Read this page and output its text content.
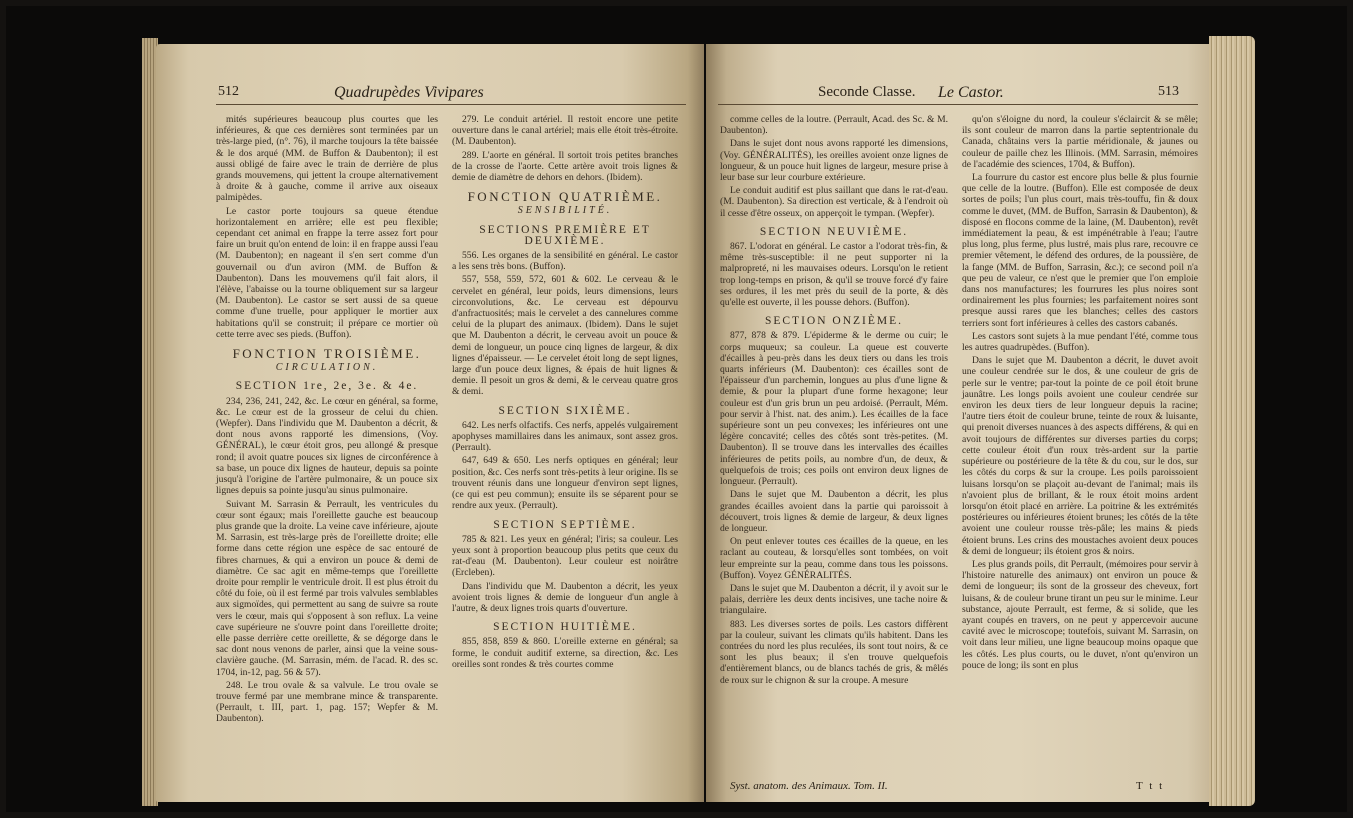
512	Quadrupèdes Vivipares

mités supérieures beaucoup plus courtes que les inférieures, & que ces dernières sont terminées par un très-large pied, (n°. 76), il marche toujours la tête baissée & le dos arqué (MM. de Buffon & Daubenton); il est aussi obligé de faire avec le train de derrière de plus grands mouvemens, qui jettent la croupe alternativement à droite & à gauche, comme il arrive aux oiseaux palmipèdes.

Le castor porte toujours sa queue étendue horizontalement en arrière; elle est peu flexible; cependant cet animal en frappe la terre assez fort pour faire un bruit qu'on entend de loin: il en frappe aussi l'eau (M. Daubenton); en nageant il s'en sert comme d'un gouvernail ou d'un aviron (MM. de Buffon & Daubenton). Dans les mouvemens qu'il fait alors, il l'élève, l'abaisse ou la tourne obliquement sur sa largeur (M. Daubenton). Le castor se sert aussi de sa queue comme d'une truelle, pour appliquer le mortier aux habitations qu'il se construit; il prépare ce mortier où cette terre avec ses pieds. (Buffon).

FONCTION TROISIÈME.
CIRCULATION.
SECTION 1re, 2e, 3e. & 4e.

234, 236, 241, 242, &c. Le cœur en général, sa forme, &c. Le cœur est de la grosseur de celui du chien. (Wepfer). Dans l'individu que M. Daubenton a décrit, & dont nous avons rapporté les dimensions, (Voy. GÉNÉRAL), le cœur étoit gros, peu allongé & presque rond; il avoit quatre pouces six lignes de circonférence à sa base, un pouce dix lignes de hauteur, depuis sa pointe jusqu'à l'origine de l'artère pulmonaire, & un pouce six lignes depuis sa pointe jusqu'au sinus pulmonaire.

Suivant M. Sarrasin & Perrault, les ventricules du cœur sont égaux; mais l'oreillette gauche est beaucoup plus grande que la droite. La veine cave inférieure, ajoute M. Sarrasin, est très-large près de l'oreillette droite; elle forme dans cette région une espèce de sac entouré de fibres charnues, & qui a environ un pouce & demi de diamètre. Ce sac agit en même-temps que l'oreillette droite pour remplir le ventricule droit. Il est plus étroit du côté du foie, où il est fermé par trois valvules semblables aux sigmoïdes, qui permettent au sang de suivre sa route vers le cœur, mais qui s'opposent à son reflux. La veine cave supérieure ne s'ouvre point dans l'oreillette droite; elle passe derrière cette oreillette, & se dégorge dans le sac dont nous venons de parler, ainsi que la veine sous-clavière gauche. (M. Sarrasin, mém. de l'acad. R. des sc. 1704, in-12, pag. 56 & 57).

248. Le trou ovale & sa valvule. Le trou ovale se trouve fermé par une membrane mince & transparente. (Perrault, t. III, part. 1, pag. 157; Wepfer & M. Daubenton).

279. Le conduit artériel. Il restoit encore une petite ouverture dans le canal artériel; mais elle étoit très-étroite. (M. Daubenton).

289. L'aorte en général. Il sortoit trois petites branches de la crosse de l'aorte. Cette artère avoit trois lignes & demie de diamètre de dehors en dehors. (Ibidem).

FONCTION QUATRIÈME.
SENSIBILITÉ.
SECTIONS PREMIÈRE ET DEUXIÈME.

556. Les organes de la sensibilité en général. Le castor a les sens très bons. (Buffon).

557, 558, 559, 572, 601 & 602. Le cerveau & le cervelet en général, leur poids, leurs dimensions, leurs circonvolutions, &c. Le cerveau est dépourvu d'anfractuosités; mais le cervelet a des cannelures comme celui de la plupart des animaux. (Ibidem). Dans le sujet que M. Daubenton a décrit, le cerveau avoit un pouce & demi de longueur, un pouce cinq lignes de largeur, & dix lignes d'épaisseur. — Le cervelet étoit long de sept lignes, large d'un pouce deux lignes, & épais de huit lignes & demie. Il pesoit un gros & demi, & le cerveau quatre gros & demi.

SECTION SIXIÈME.

642. Les nerfs olfactifs. Ces nerfs, appelés vulgairement apophyses mamillaires dans les animaux, sont assez gros. (Perrault).

647, 649 & 650. Les nerfs optiques en général; leur position, &c. Ces nerfs sont très-petits à leur origine. Ils se trouvent réunis dans une longueur d'environ sept lignes, (ce qui est peu commun); ensuite ils se séparent pour se rendre aux yeux. (Perrault).

SECTION SEPTIÈME.

785 & 821. Les yeux en général; l'iris; sa couleur. Les yeux sont à proportion beaucoup plus petits que ceux du rat-d'eau (M. Daubenton). Leur couleur est noirâtre (Ercleben).

Dans l'individu que M. Daubenton a décrit, les yeux avoient trois lignes & demie de longueur d'un angle à l'autre, & deux lignes trois quarts d'ouverture.

SECTION HUITIÈME.

855, 858, 859 & 860. L'oreille externe en général; sa forme, le conduit auditif externe, sa direction, &c. Les oreilles sont rondes & très courtes comme

Seconde Classe. Le Castor.	513

comme celles de la loutre. (Perrault, Acad. des Sc. & M. Daubenton).

Dans le sujet dont nous avons rapporté les dimensions, (Voy. GÉNÉRALITÉS), les oreilles avoient onze lignes de longueur, & un pouce huit lignes de largeur, mesure prise à leur base sur leur courbure extérieure.

Le conduit auditif est plus saillant que dans le rat-d'eau. (M. Daubenton). Sa direction est verticale, & à l'endroit où il cesse d'être osseux, on apperçoit le tympan. (Wepfer).

SECTION NEUVIÈME.

867. L'odorat en général. Le castor a l'odorat très-fin, & même très-susceptible: il ne peut supporter ni la malpropreté, ni les mauvaises odeurs. Lorsqu'on le retient trop long-temps en prison, & qu'il se trouve forcé d'y faire ses ordures, il les met près du seuil de la porte, & dès qu'elle est ouverte, il les pousse dehors. (Buffon).

SECTION ONZIÈME.

877, 878 & 879. L'épiderme & le derme ou cuir; le corps muqueux; sa couleur. La queue est couverte d'écailles à peu-près dans les deux tiers ou dans les trois quarts inférieurs (M. Daubenton): ces écailles sont de l'épaisseur d'un parchemin, longues au plus d'une ligne & demie, & pour la plupart d'une forme hexagone; leur couleur est d'un gris brun un peu ardoisé. (Perrault, Mém. pour servir à l'hist. nat. des anim.). Les écailles de la face supérieure sont un peu convexes; les inférieures ont une légère concavité; celles des côtés sont très-petites. (M. Daubenton). Il se trouve dans les intervalles des écailles inférieures de petits poils, au nombre d'un, de deux, & quelquefois de trois; ces poils ont environ deux lignes de longueur. (Perrault).

Dans le sujet que M. Daubenton a décrit, les plus grandes écailles avoient dans la partie qui paroissoit à découvert, trois lignes & demie de largeur, & deux lignes de longueur.

On peut enlever toutes ces écailles de la queue, en les raclant au couteau, & lorsqu'elles sont tombées, on voit leur empreinte sur la peau, comme dans tous les poissons. (Buffon). Voyez GÉNÉRALITÉS.

Dans le sujet que M. Daubenton a décrit, il y avoit sur le palais, derrière les deux dents incisives, une tache noire & triangulaire.

883. Les diverses sortes de poils. Les castors diffèrent par la couleur, suivant les climats qu'ils habitent. Dans les contrées du nord les plus reculées, ils sont tout noirs, & ce sont les plus beaux; il s'en trouve quelquefois d'entièrement blancs, ou de blancs tachés de gris, & mêlés de roux sur le chignon & sur la croupe. A mesure

qu'on s'éloigne du nord, la couleur s'éclaircit & se mêle; ils sont couleur de marron dans la partie septentrionale du Canada, châtains vers la partie méridionale, & jaunes ou couleur de paille chez les Illinois. (MM. Sarrasin, mémoires de l'académie des sciences, 1704, & Buffon).

La fourrure du castor est encore plus belle & plus fournie que celle de la loutre. (Buffon). Elle est composée de deux sortes de poils; l'un plus court, mais très-touffu, fin & doux comme le duvet, (MM. de Buffon, Sarrasin & Daubenton), & disposé en flocons comme de la laine, (M. Daubenton), revêt immédiatement la peau, & est impénétrable à l'eau; l'autre plus long, plus ferme, plus lustré, mais plus rare, recouvre ce premier vêtement, le défend des ordures, de la poussière, de la fange (MM. de Buffon, Sarrasin, &c.); ce second poil n'a que peu de valeur, ce n'est que le premier que l'on emploie dans nos manufactures; les fourrures les plus noires sont ordinairement les plus fournies; les parfaitement noires sont presque aussi rares que les blanches; celles des castors terriers sont fort inférieures à celles des castors cabanés.

Les castors sont sujets à la mue pendant l'été, comme tous les autres quadrupèdes. (Buffon).

Dans le sujet que M. Daubenton a décrit, le duvet avoit une couleur cendrée sur le dos, & une couleur de gris de perle sur le ventre; par-tout la pointe de ce poil étoit brune jaunâtre. Les longs poils avoient une couleur cendrée sur environ les deux tiers de leur longueur depuis la racine; l'autre tiers étoit de couleur brune, teinte de roux & luisante, qui prenoit diverses nuances à des aspects différens, & qui en avoit toujours de différentes sur diverses parties du corps; cette couleur étoit d'un roux très-ardent sur la partie supérieure ou postérieure de la tête & du cou, sur le dos, sur les côtés du corps & sur la croupe. Les poils paroissoient luisans lorsqu'on se plaçoit au-devant de l'animal; mais ils n'avoient plus de brillant, & le roux étoit moins ardent lorsqu'on étoit placé en arrière. La poitrine & les extrémités postérieures ou inférieures étoient brunes; les côtés de la tête avoient une couleur rousse très-pâle; les mains & pieds étoient bruns. Les crins des moustaches avoient deux pouces & demi de longueur; ils étoient gros & noirs.

Les plus grands poils, dit Perrault, (mémoires pour servir à l'histoire naturelle des animaux) ont environ un pouce & demi de longueur; ils sont de la grosseur des cheveux, fort luisans, & de couleur brune tirant un peu sur le minime. Leur substance, ajoute Perrault, est ferme, & si solide, que les ayant coupés en travers, on ne peut y appercevoir aucune cavité avec le microscope; toutefois, suivant M. Sarrasin, on voit dans leur milieu, une ligne beaucoup moins opaque que les côtés. Les plus courts, ou le duvet, n'ont qu'environ un pouce de long; ils sont en plus

Syst. anatom. des Animaux. Tom. II.	T t t
